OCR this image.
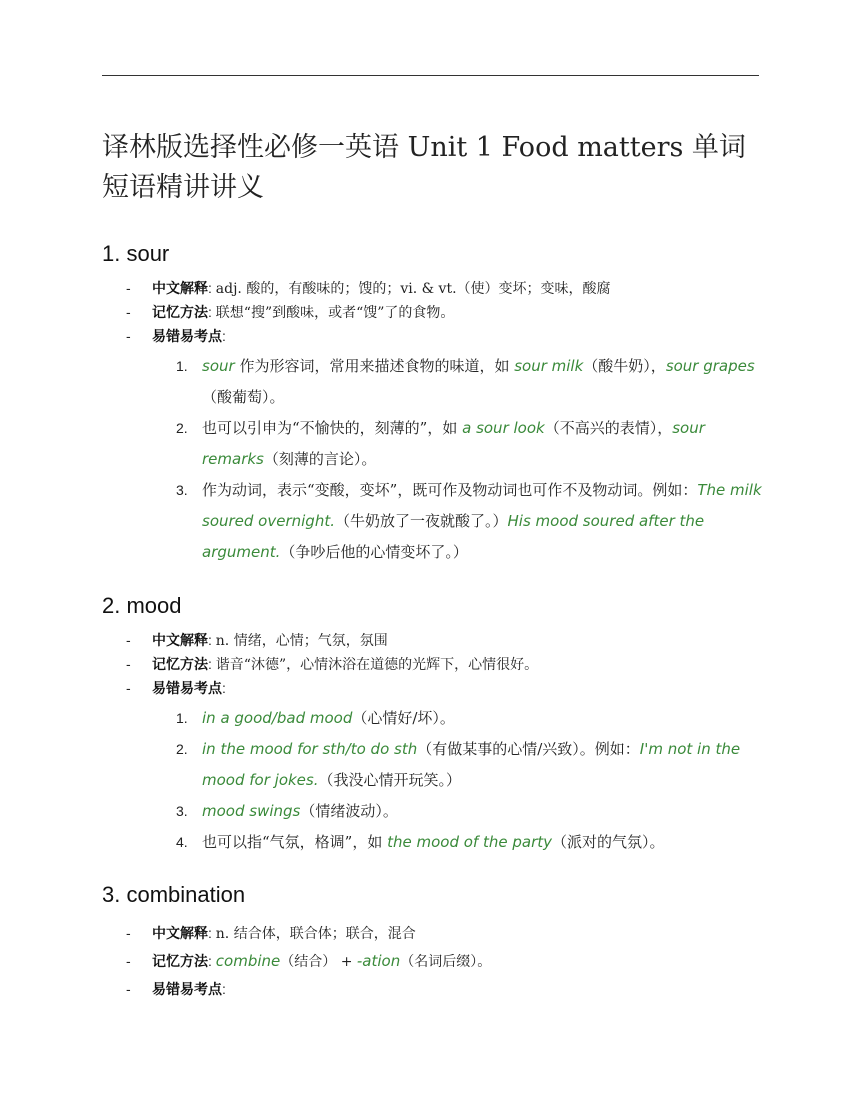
译林版选择性必修一英语 Unit 1 Food matters 单词短语精讲讲义
1. sour
- 中文解释: adj. 酸的，有酸味的；馊的；vi. & vt.（使）变坏；变味，酸腐
- 记忆方法: 联想“搜”到酸味，或者“馊”了的食物。
- 易错易考点:
1. sour 作为形容词，常用来描述食物的味道，如 sour milk（酸牛奶），sour grapes（酸葡萄）。
2. 也可以引申为“不愉快的，刻薄的”，如 a sour look（不高兴的表情），sour remarks（刻薄的言论）。
3. 作为动词，表示“变酸，变坏”，既可作及物动词也可作不及物动词。例如：The milk soured overnight.（牛奶放了一夜就酸了。）His mood soured after the argument.（争吵后他的心情变坏了。）
2. mood
- 中文解释: n. 情绪，心情；气氛，氛围
- 记忆方法: 谐音“沐德”，心情沐浴在道德的光辉下，心情很好。
- 易错易考点:
1. in a good/bad mood（心情好/坏）。
2. in the mood for sth/to do sth（有做某事的心情/兴致）。例如：I'm not in the mood for jokes.（我没心情开玩笑。）
3. mood swings（情绪波动）。
4. 也可以指“气氛，格调”，如 the mood of the party（派对的气氛）。
3. combination
- 中文解释: n. 结合体，联合体；联合，混合
- 记忆方法: combine（结合） + -ation（名词后缀）。
- 易错易考点:
